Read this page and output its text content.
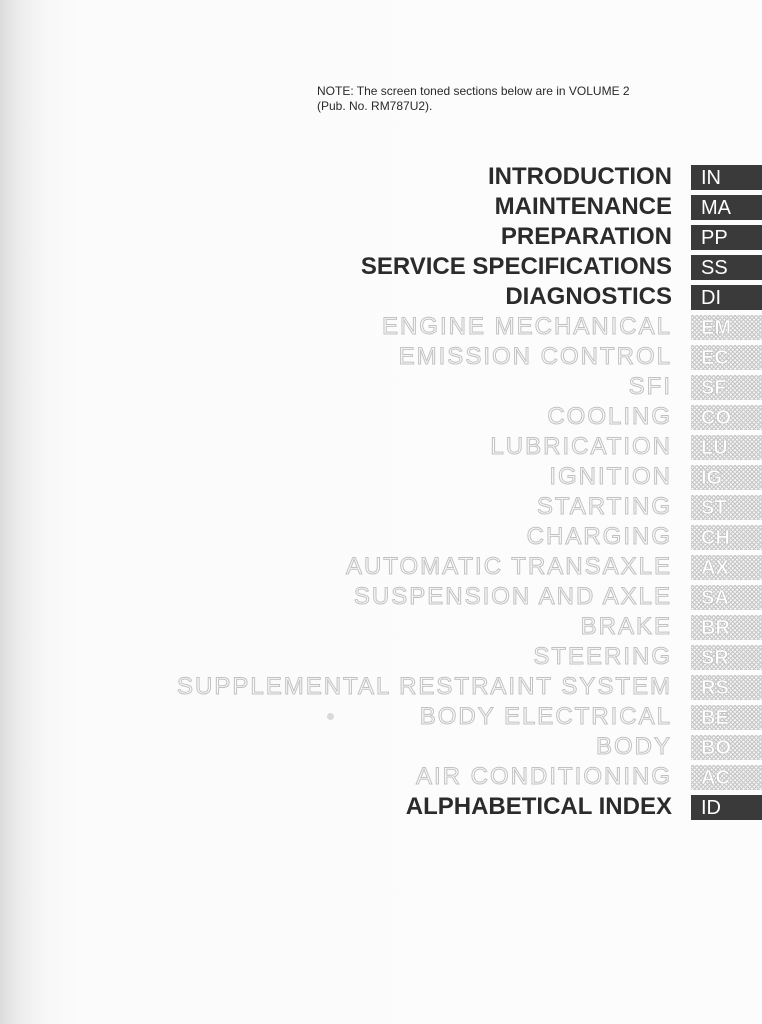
NOTE: The screen toned sections below are in VOLUME 2
(Pub. No. RM787U2).
INTRODUCTION	IN
MAINTENANCE	MA
PREPARATION	PP
SERVICE SPECIFICATIONS	SS
DIAGNOSTICS	DI
ENGINE MECHANICAL	EM
EMISSION CONTROL	EC
SFI	SF
COOLING	CO
LUBRICATION	LU
IGNITION	IG
STARTING	ST
CHARGING	CH
AUTOMATIC TRANSAXLE	AX
SUSPENSION AND AXLE	SA
BRAKE	BR
STEERING	SR
SUPPLEMENTAL RESTRAINT SYSTEM	RS
BODY ELECTRICAL	BE
BODY	BO
AIR CONDITIONING	AC
ALPHABETICAL INDEX	ID
